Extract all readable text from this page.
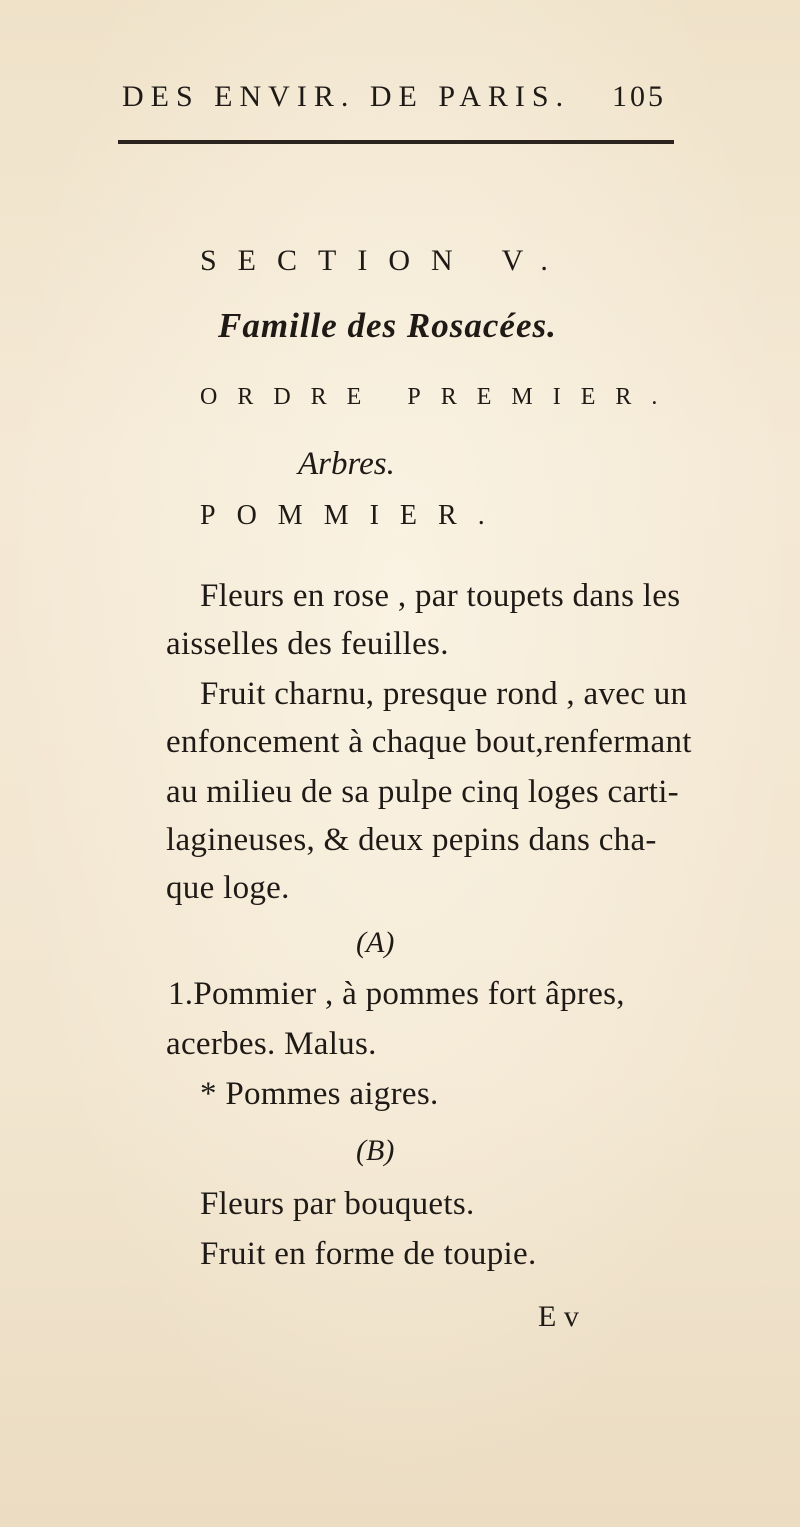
DES ENVIR. DE PARIS. 105
SECTION V.
Famille des Rosacées.
ORDRE PREMIER.
Arbres.
POMMIER.
Fleurs en rose , par toupets dans les
aisselles des feuilles.
Fruit charnu, presque rond , avec un
enfoncement à chaque bout,renfermant
au milieu de sa pulpe cinq loges carti-
lagineuses, & deux pepins dans cha-
que loge.
(A)
1.Pommier , à pommes fort âpres,
acerbes. Malus.
* Pommes aigres.
(B)
Fleurs par bouquets.
Fruit en forme de toupie.
E v
